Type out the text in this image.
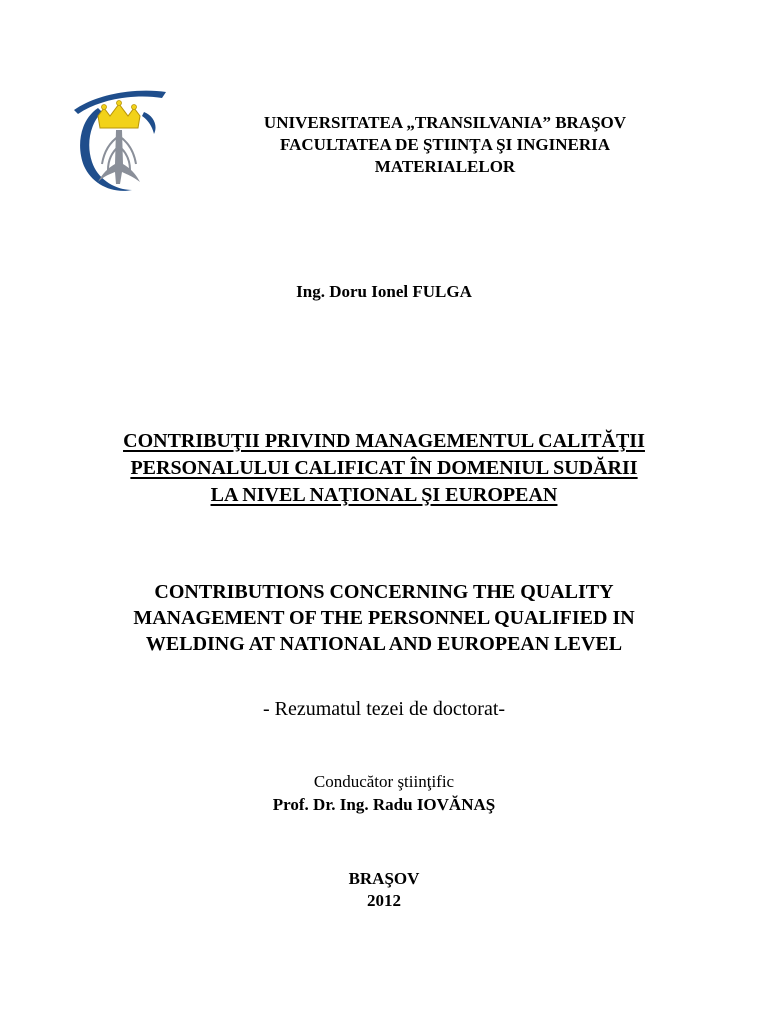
UNIVERSITATEA „TRANSILVANIA” BRAŞOV
FACULTATEA DE ŞTIINŢA ŞI INGINERIA
MATERIALELOR
Ing. Doru Ionel FULGA
CONTRIBUŢII PRIVIND MANAGEMENTUL CALITĂŢII
PERSONALULUI CALIFICAT ÎN DOMENIUL SUDĂRII
LA NIVEL NAŢIONAL ŞI EUROPEAN
CONTRIBUTIONS CONCERNING THE QUALITY
MANAGEMENT OF THE PERSONNEL QUALIFIED IN
WELDING AT NATIONAL AND EUROPEAN LEVEL
- Rezumatul tezei de doctorat-
Conducător ştiinţific
Prof. Dr. Ing. Radu IOVĂNAŞ
BRAŞOV
2012
